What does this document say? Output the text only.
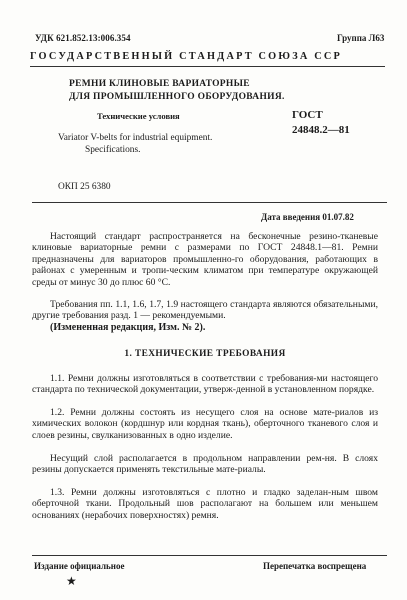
УДК 621.852.13:006.354	Группа Л63
ГОСУДАРСТВЕННЫЙ СТАНДАРТ СОЮЗА ССР
РЕМНИ КЛИНОВЫЕ ВАРИАТОРНЫЕ
ДЛЯ ПРОМЫШЛЕННОГО ОБОРУДОВАНИЯ.
Технические условия	ГОСТ
24848.2—81
Variator V-belts for industrial equipment.
Specifications.
ОКП 25 6380
Дата введения 01.07.82
Настоящий стандарт распространяется на бесконечные резино-тканевые клиновые вариаторные ремни с размерами по ГОСТ 24848.1—81. Ремни предназначены для вариаторов промышленно-го оборудования, работающих в районах с умеренным и тропи-ческим климатом при температуре окружающей среды от минус 30 до плюс 60 °С.
Требования пп. 1.1, 1.6, 1.7, 1.9 настоящего стандарта являются обязательными, другие требования разд. 1 — рекомендуемыми.
(Измененная редакция, Изм. № 2).
1. ТЕХНИЧЕСКИЕ ТРЕБОВАНИЯ
1.1. Ремни должны изготовляться в соответствии с требования-ми настоящего стандарта по технической документации, утверж-денной в установленном порядке.
1.2. Ремни должны состоять из несущего слоя на основе мате-риалов из химических волокон (кордшнур или кордная ткань), оберточного тканевого слоя и слоев резины, свулканизованных в одно изделие.
Несущий слой располагается в продольном направлении рем-ня. В слоях резины допускается применять текстильные мате-риалы.
1.3. Ремни должны изготовляться с плотно и гладко заделан-ным швом оберточной ткани. Продольный шов располагают на большем или меньшем основаниях (нерабочих поверхностях) ремня.
Издание официальное	Перепечатка воспрещена
★
